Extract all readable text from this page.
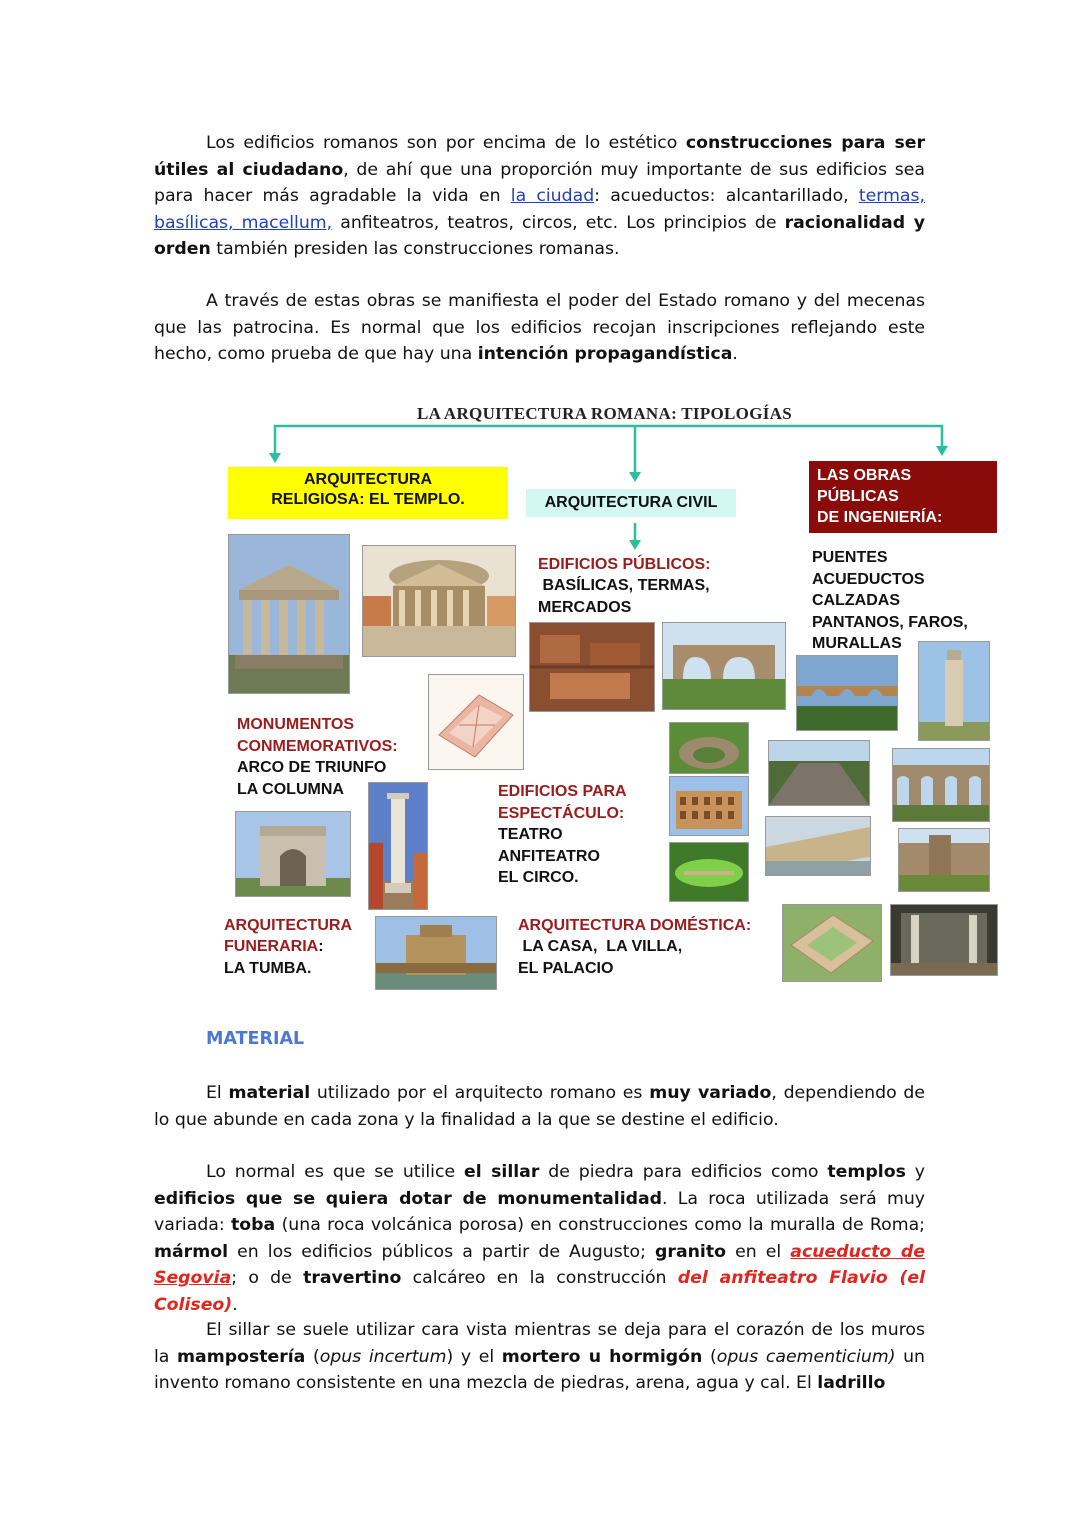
Los edificios romanos son por encima de lo estético construcciones para ser útiles al ciudadano, de ahí que una proporción muy importante de sus edificios sea para hacer más agradable la vida en la ciudad: acueductos: alcantarillado, termas, basílicas, macellum, anfiteatros, teatros, circos, etc. Los principios de racionalidad y orden también presiden las construcciones romanas.

A través de estas obras se manifiesta el poder del Estado romano y del mecenas que las patrocina. Es normal que los edificios recojan inscripciones reflejando este hecho, como prueba de que hay una intención propagandística.

LA ARQUITECTURA ROMANA: TIPOLOGÍAS
ARQUITECTURA
RELIGIOSA: EL TEMPLO.	ARQUITECTURA CIVIL
LAS OBRAS
PÚBLICAS
DE INGENIERÍA:
EDIFICIOS PÚBLICOS:
BASÍLICAS, TERMAS,
MERCADOS
PUENTES
ACUEDUCTOS
CALZADAS
PANTANOS, FAROS,
MURALLAS
MONUMENTOS
CONMEMORATIVOS:
ARCO DE TRIUNFO
LA COLUMNA	EDIFICIOS PARA
ESPECTÁCULO:
TEATRO
ANFITEATRO
EL CIRCO.
ARQUITECTURA
FUNERARIA:
LA TUMBA.
ARQUITECTURA DOMÉSTICA:
LA CASA,  LA VILLA,
EL PALACIO
MATERIAL

El material utilizado por el arquitecto romano es muy variado, dependiendo de lo que abunde en cada zona y la finalidad a la que se destine el edificio.

Lo normal es que se utilice el sillar de piedra para edificios como templos y edificios que se quiera dotar de monumentalidad. La roca utilizada será muy variada: toba (una roca volcánica porosa) en construcciones como la muralla de Roma; mármol en los edificios públicos a partir de Augusto; granito en el acueducto de Segovia; o de travertino calcáreo en la construcción del anfiteatro Flavio (el Coliseo).

El sillar se suele utilizar cara vista mientras se deja para el corazón de los muros la mampostería (opus incertum) y el mortero u hormigón (opus caementicium) un invento romano consistente en una mezcla de piedras, arena, agua y cal. El ladrillo
